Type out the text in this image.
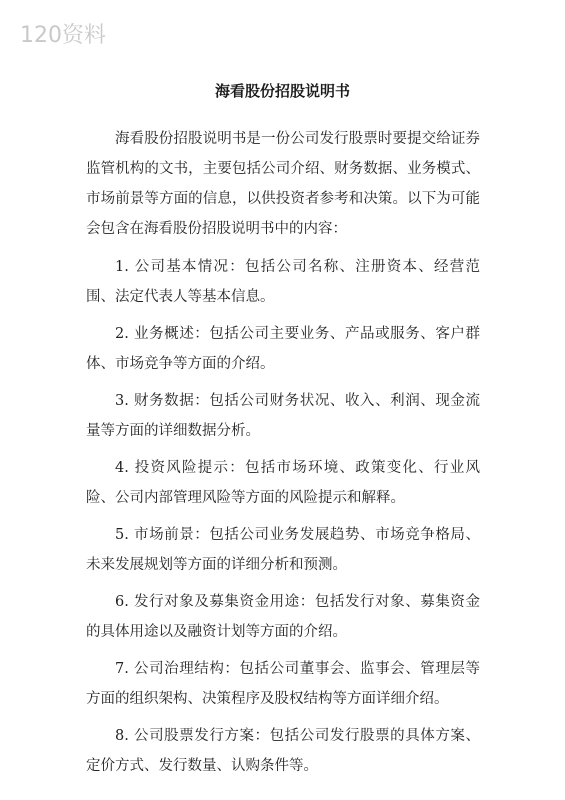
120资料
海看股份招股说明书

海看股份招股说明书是一份公司发行股票时要提交给证券监管机构的文书，主要包括公司介绍、财务数据、业务模式、市场前景等方面的信息，以供投资者参考和决策。以下为可能会包含在海看股份招股说明书中的内容：

1. 公司基本情况：包括公司名称、注册资本、经营范围、法定代表人等基本信息。

2. 业务概述：包括公司主要业务、产品或服务、客户群体、市场竞争等方面的介绍。

3. 财务数据：包括公司财务状况、收入、利润、现金流量等方面的详细数据分析。

4. 投资风险提示：包括市场环境、政策变化、行业风险、公司内部管理风险等方面的风险提示和解释。

5. 市场前景：包括公司业务发展趋势、市场竞争格局、未来发展规划等方面的详细分析和预测。

6. 发行对象及募集资金用途：包括发行对象、募集资金的具体用途以及融资计划等方面的介绍。

7. 公司治理结构：包括公司董事会、监事会、管理层等方面的组织架构、决策程序及股权结构等方面详细介绍。

8. 公司股票发行方案：包括公司发行股票的具体方案、定价方式、发行数量、认购条件等。
